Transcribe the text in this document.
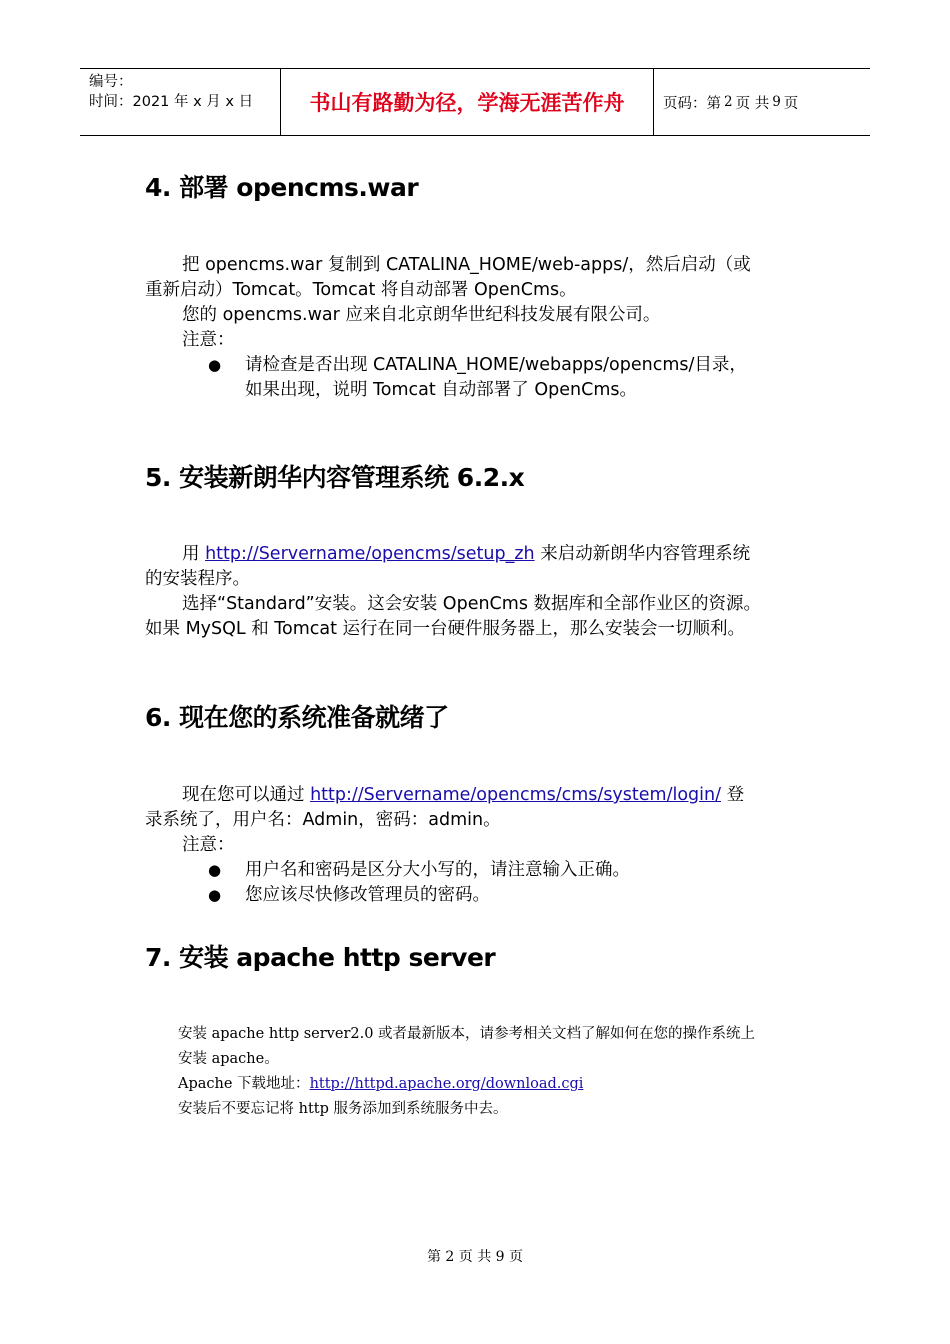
编号：
时间：2021 年 x 月 x 日	书山有路勤为径，学海无涯苦作舟	页码：第 2 页 共 9 页
4. 部署 opencms.war
把 opencms.war 复制到 CATALINA_HOME/web-apps/，然后启动（或
重新启动）Tomcat。Tomcat 将自动部署 OpenCms。
您的 opencms.war 应来自北京朗华世纪科技发展有限公司。
注意：
●	请检查是否出现 CATALINA_HOME/webapps/opencms/目录，
如果出现，说明 Tomcat 自动部署了 OpenCms。
5. 安装新朗华内容管理系统 6.2.x
用 http://Servername/opencms/setup_zh 来启动新朗华内容管理系统
的安装程序。
选择“Standard”安装。这会安装 OpenCms 数据库和全部作业区的资源。
如果 MySQL 和 Tomcat 运行在同一台硬件服务器上，那么安装会一切顺利。
6. 现在您的系统准备就绪了
现在您可以通过 http://Servername/opencms/cms/system/login/ 登
录系统了，用户名：Admin，密码：admin。
注意：
●	用户名和密码是区分大小写的，请注意输入正确。
●	您应该尽快修改管理员的密码。
7. 安装 apache http server
安装 apache http server2.0 或者最新版本，请参考相关文档了解如何在您的操作系统上
安装 apache。
Apache 下载地址：http://httpd.apache.org/download.cgi
安装后不要忘记将 http 服务添加到系统服务中去。
第 2 页 共 9 页
